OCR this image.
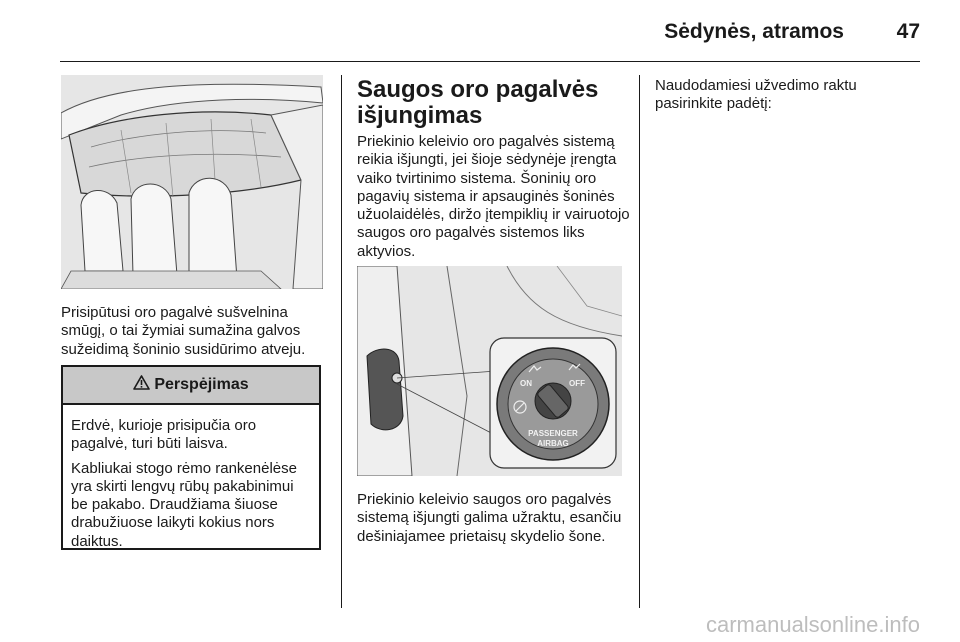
Sėdynės, atramos	47

Prisipūtusi oro pagalvė sušvelnina smūgį, o tai žymiai sumažina galvos sužeidimą šoninio susidūrimo atveju.

Perspėjimas

Erdvė, kurioje prisipučia oro pagalvė, turi būti laisva.

Kabliukai stogo rėmo rankenėlėse yra skirti lengvų rūbų pakabinimui be pakabo. Draudžiama šiuose drabužiuose laikyti kokius nors daiktus.

Saugos oro pagalvės išjungimas

Priekinio keleivio oro pagalvės sistemą reikia išjungti, jei šioje sėdynėje įrengta vaiko tvirtinimo sistema. Šoninių oro pagavių sistema ir apsauginės šoninės užuolaidėlės, diržo įtempiklių ir vairuotojo saugos oro pagalvės sistemos liks aktyvios.

ON	OFF
PASSENGER
AIRBAG

Priekinio keleivio saugos oro pagalvės sistemą išjungti galima užraktu, esančiu dešiniajamee prietaisų skydelio šone.

Naudodamiesi užvedimo raktu pasirinkite padėtį:

carmanualsonline.info
